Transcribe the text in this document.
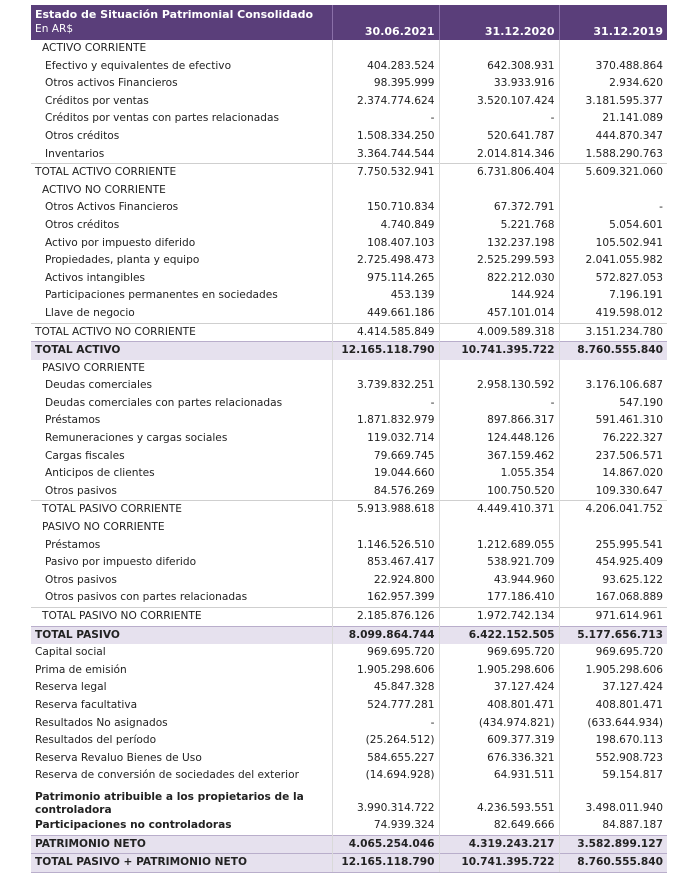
Estado de Situación Patrimonial Consolidado
En AR$	30.06.2021	31.12.2020	31.12.2019
ACTIVO CORRIENTE			
Efectivo y equivalentes de efectivo	404.283.524	642.308.931	370.488.864
Otros activos Financieros	98.395.999	33.933.916	2.934.620
Créditos por ventas	2.374.774.624	3.520.107.424	3.181.595.377
Créditos por ventas con partes relacionadas	-	-	21.141.089
Otros créditos	1.508.334.250	520.641.787	444.870.347
Inventarios	3.364.744.544	2.014.814.346	1.588.290.763
TOTAL ACTIVO CORRIENTE	7.750.532.941	6.731.806.404	5.609.321.060
ACTIVO NO CORRIENTE			
Otros Activos Financieros	150.710.834	67.372.791	-
Otros créditos	4.740.849	5.221.768	5.054.601
Activo por impuesto diferido	108.407.103	132.237.198	105.502.941
Propiedades, planta y equipo	2.725.498.473	2.525.299.593	2.041.055.982
Activos intangibles	975.114.265	822.212.030	572.827.053
Participaciones permanentes en sociedades	453.139	144.924	7.196.191
Llave de negocio	449.661.186	457.101.014	419.598.012
TOTAL ACTIVO NO CORRIENTE	4.414.585.849	4.009.589.318	3.151.234.780
TOTAL ACTIVO	12.165.118.790	10.741.395.722	8.760.555.840
PASIVO CORRIENTE			
Deudas comerciales	3.739.832.251	2.958.130.592	3.176.106.687
Deudas comerciales con partes relacionadas	-	-	547.190
Préstamos	1.871.832.979	897.866.317	591.461.310
Remuneraciones y cargas sociales	119.032.714	124.448.126	76.222.327
Cargas fiscales	79.669.745	367.159.462	237.506.571
Anticipos de clientes	19.044.660	1.055.354	14.867.020
Otros pasivos	84.576.269	100.750.520	109.330.647
TOTAL PASIVO CORRIENTE	5.913.988.618	4.449.410.371	4.206.041.752
PASIVO NO CORRIENTE			
Préstamos	1.146.526.510	1.212.689.055	255.995.541
Pasivo por impuesto diferido	853.467.417	538.921.709	454.925.409
Otros pasivos	22.924.800	43.944.960	93.625.122
Otros pasivos con partes relacionadas	162.957.399	177.186.410	167.068.889
TOTAL PASIVO NO CORRIENTE	2.185.876.126	1.972.742.134	971.614.961
TOTAL PASIVO	8.099.864.744	6.422.152.505	5.177.656.713
Capital social	969.695.720	969.695.720	969.695.720
Prima de emisión	1.905.298.606	1.905.298.606	1.905.298.606
Reserva legal	45.847.328	37.127.424	37.127.424
Reserva facultativa	524.777.281	408.801.471	408.801.471
Resultados No asignados	-	(434.974.821)	(633.644.934)
Resultados del período	(25.264.512)	609.377.319	198.670.113
Reserva Revaluo Bienes de Uso	584.655.227	676.336.321	552.908.723
Reserva de conversión de sociedades del exterior	(14.694.928)	64.931.511	59.154.817
Patrimonio atribuible a los propietarios de la controladora	3.990.314.722	4.236.593.551	3.498.011.940
Participaciones no controladoras	74.939.324	82.649.666	84.887.187
PATRIMONIO NETO	4.065.254.046	4.319.243.217	3.582.899.127
TOTAL PASIVO + PATRIMONIO NETO	12.165.118.790	10.741.395.722	8.760.555.840
